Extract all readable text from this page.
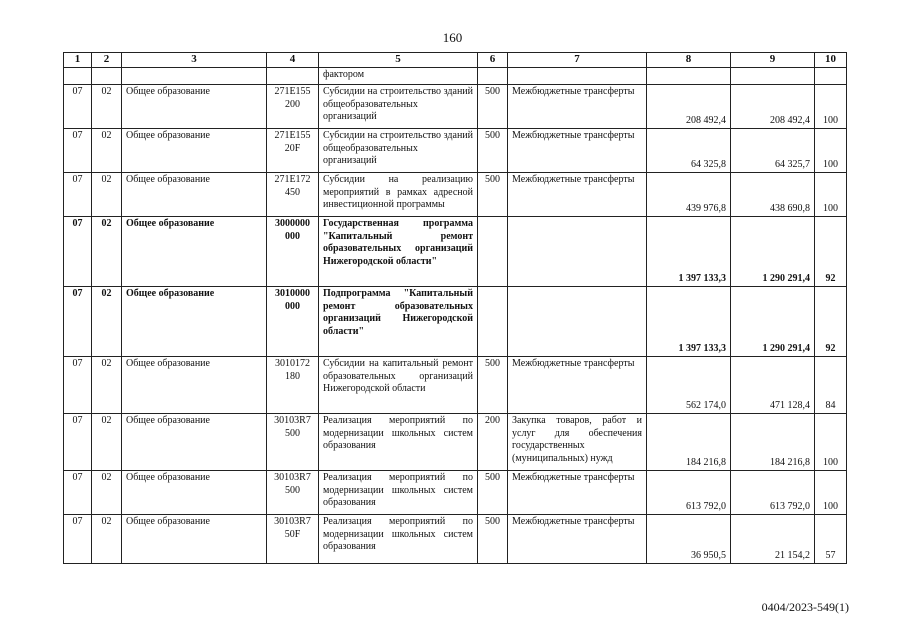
160
1	2	3	4	5	6	7	8	9	10
				фактором					
07	02	Общее образование	271Е155 200	Субсидии на строительство зданий общеобразовательных организаций	500	Межбюджетные трансферты	208 492,4	208 492,4	100
07	02	Общее образование	271Е155 20F	Субсидии на строительство зданий общеобразовательных организаций	500	Межбюджетные трансферты	64 325,8	64 325,7	100
07	02	Общее образование	271Е172 450	Субсидии на реализацию мероприятий в рамках адресной инвестиционной программы	500	Межбюджетные трансферты	439 976,8	438 690,8	100
07	02	Общее образование	3000000 000	Государственная программа "Капитальный ремонт образовательных организаций Нижегородской области"			1 397 133,3	1 290 291,4	92
07	02	Общее образование	3010000 000	Подпрограмма "Капитальный ремонт образовательных организаций Нижегородской области"			1 397 133,3	1 290 291,4	92
07	02	Общее образование	3010172 180	Субсидии на капитальный ремонт образовательных организаций Нижегородской области	500	Межбюджетные трансферты	562 174,0	471 128,4	84
07	02	Общее образование	30103R7 500	Реализация мероприятий по модернизации школьных систем образования	200	Закупка товаров, работ и услуг для обеспечения государственных (муниципальных) нужд	184 216,8	184 216,8	100
07	02	Общее образование	30103R7 500	Реализация мероприятий по модернизации школьных систем образования	500	Межбюджетные трансферты	613 792,0	613 792,0	100
07	02	Общее образование	30103R7 50F	Реализация мероприятий по модернизации школьных систем образования	500	Межбюджетные трансферты	36 950,5	21 154,2	57
0404/2023-549(1)
